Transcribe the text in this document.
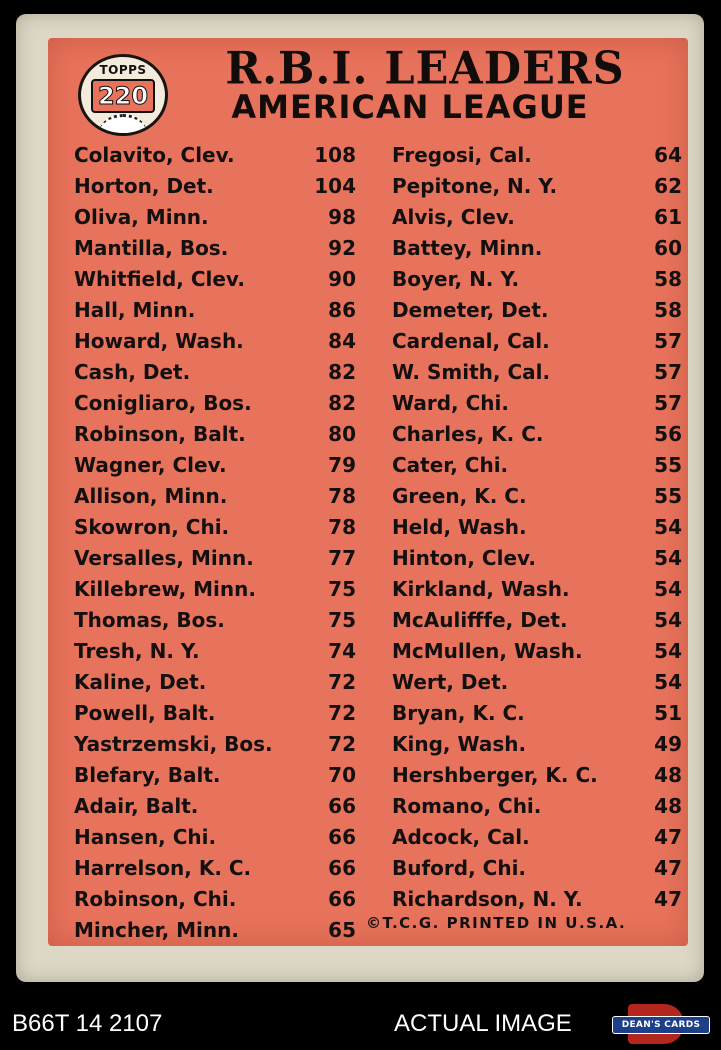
TOPPS
220
R.B.I. LEADERS
AMERICAN LEAGUE
Colavito, Clev.	108
Horton, Det.	104
Oliva, Minn.	98
Mantilla, Bos.	92
Whitfield, Clev.	90
Hall, Minn.	86
Howard, Wash.	84
Cash, Det.	82
Conigliaro, Bos.	82
Robinson, Balt.	80
Wagner, Clev.	79
Allison, Minn.	78
Skowron, Chi.	78
Versalles, Minn.	77
Killebrew, Minn.	75
Thomas, Bos.	75
Tresh, N. Y.	74
Kaline, Det.	72
Powell, Balt.	72
Yastrzemski, Bos.	72
Blefary, Balt.	70
Adair, Balt.	66
Hansen, Chi.	66
Harrelson, K. C.	66
Robinson, Chi.	66
Mincher, Minn.	65
Fregosi, Cal.	64
Pepitone, N. Y.	62
Alvis, Clev.	61
Battey, Minn.	60
Boyer, N. Y.	58
Demeter, Det.	58
Cardenal, Cal.	57
W. Smith, Cal.	57
Ward, Chi.	57
Charles, K. C.	56
Cater, Chi.	55
Green, K. C.	55
Held, Wash.	54
Hinton, Clev.	54
Kirkland, Wash.	54
McAulifffe, Det.	54
McMullen, Wash.	54
Wert, Det.	54
Bryan, K. C.	51
King, Wash.	49
Hershberger, K. C.	48
Romano, Chi.	48
Adcock, Cal.	47
Buford, Chi.	47
Richardson, N. Y.	47
©T.C.G. PRINTED IN U.S.A.
B66T 14 2107	ACTUAL IMAGE	DEAN'S CARDS
